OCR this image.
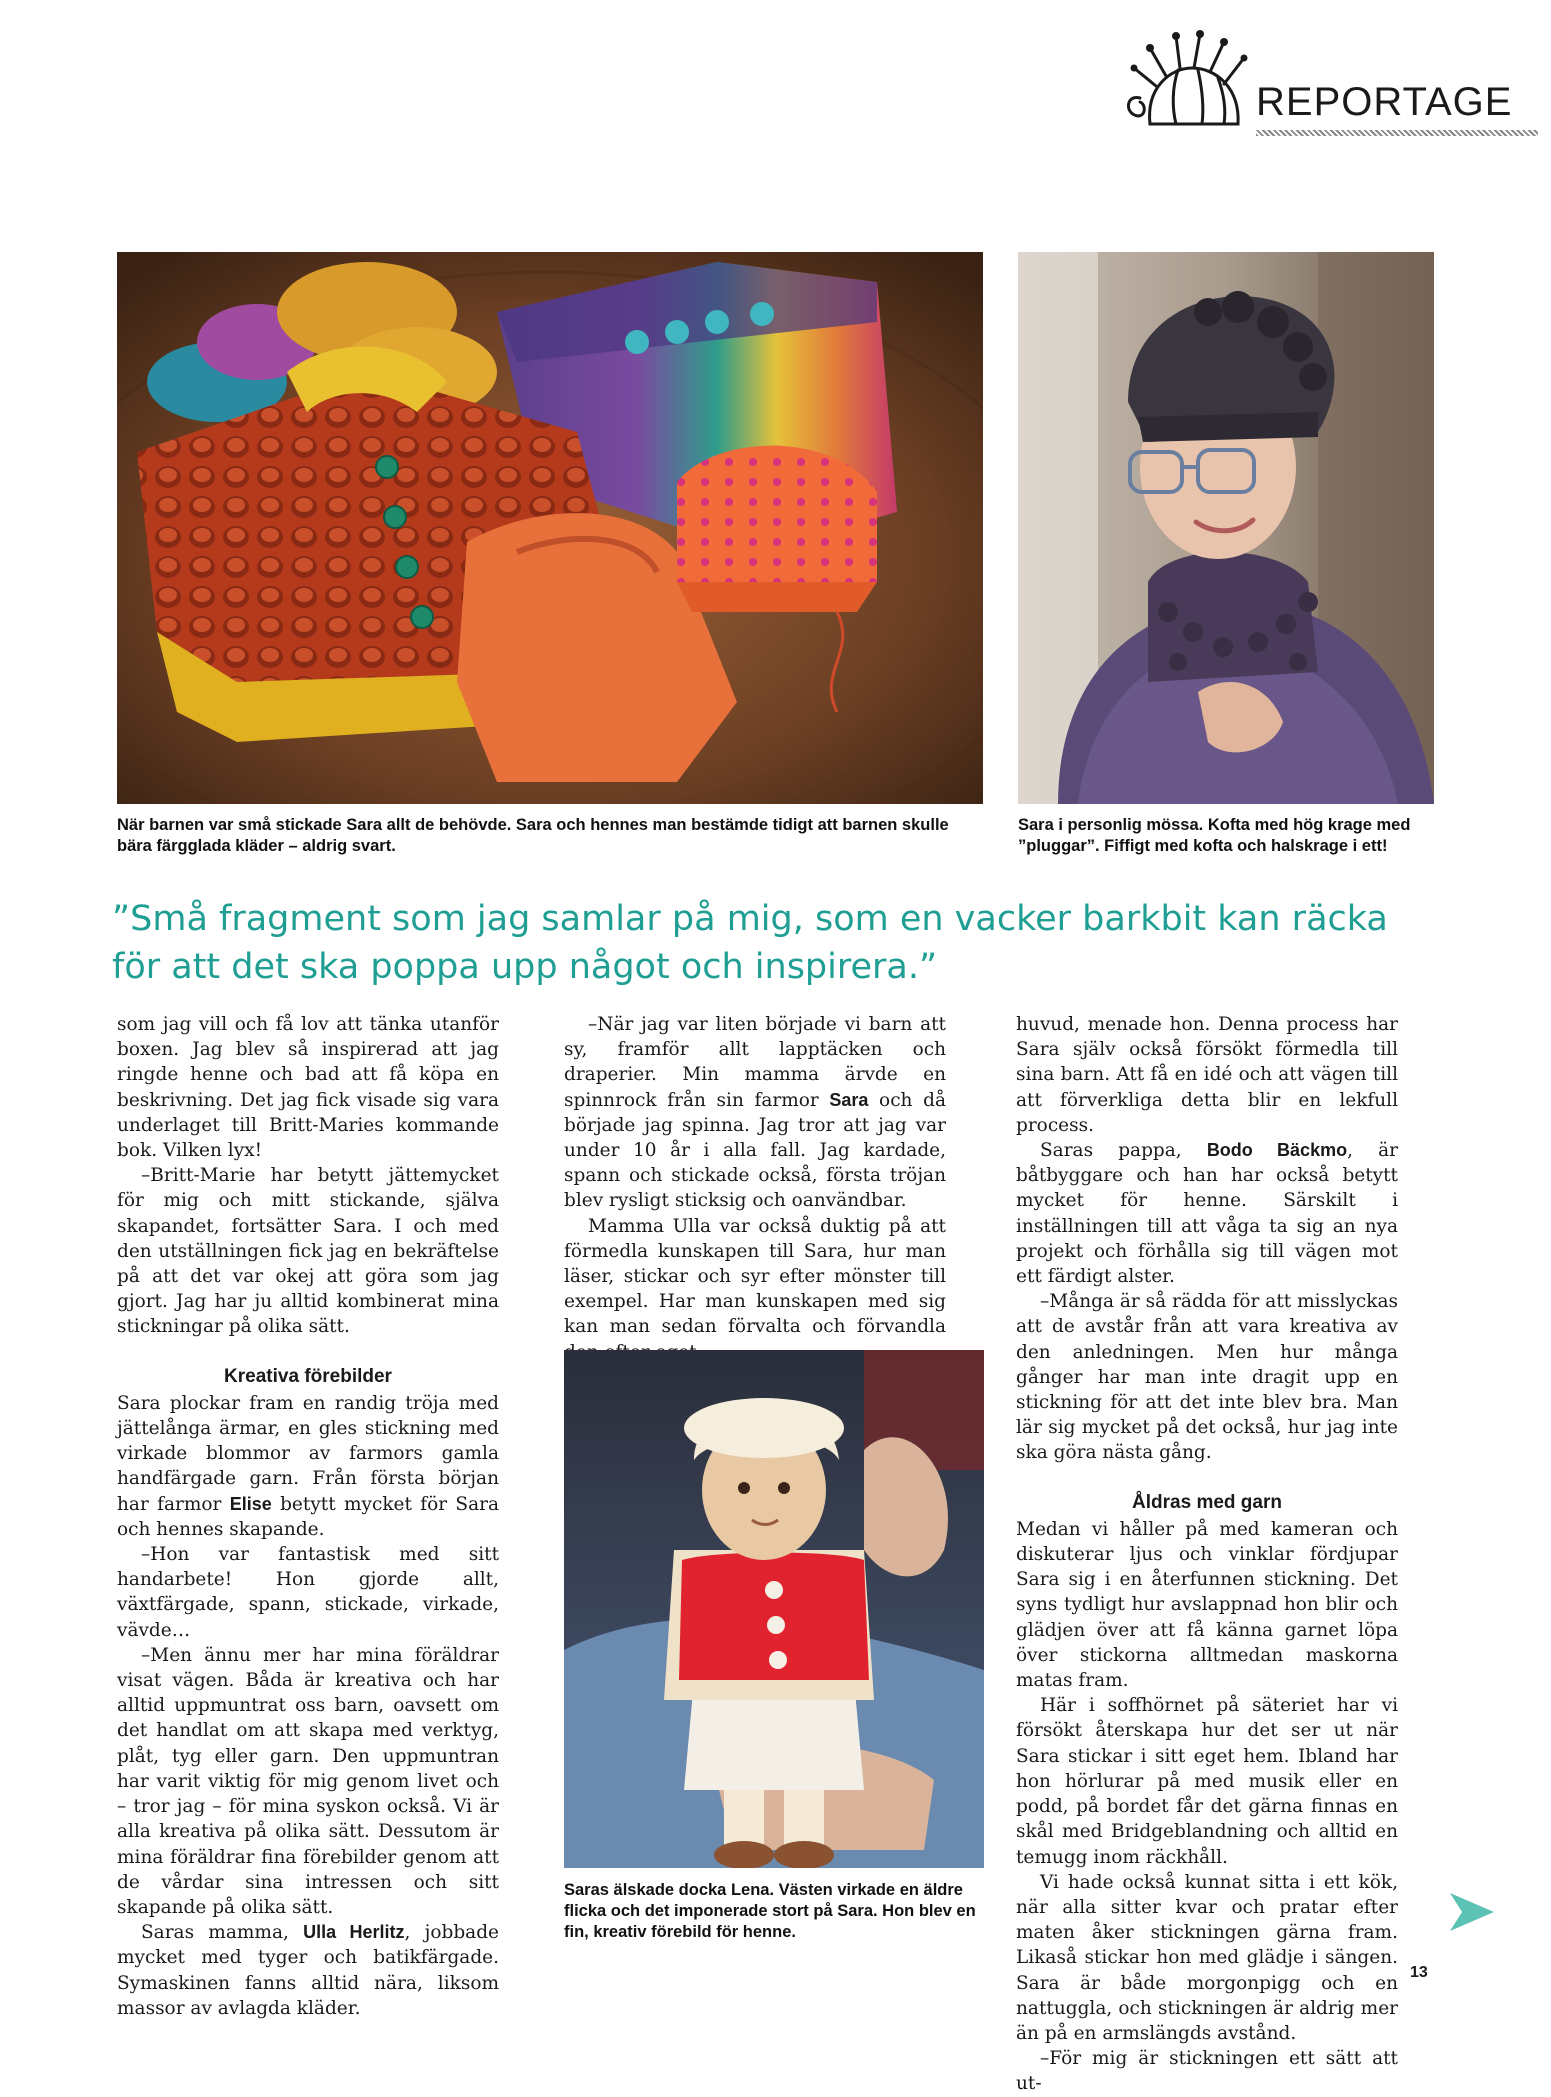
REPORTAGE
När barnen var små stickade Sara allt de behövde. Sara och hennes man bestämde tidigt att barnen skulle bära färgglada kläder – aldrig svart.
Sara i personlig mössa. Kofta med hög krage med ”pluggar”. Fiffigt med kofta och halskrage i ett!
”Små fragment som jag samlar på mig, som en vacker barkbit kan räcka för att det ska poppa upp något och inspirera.”

som jag vill och få lov att tänka utanför boxen. Jag blev så inspirerad att jag ringde henne och bad att få köpa en beskrivning. Det jag fick visade sig vara underlaget till Britt-Maries kommande bok. Vilken lyx!

–Britt-Marie har betytt jättemycket för mig och mitt stickande, själva skapandet, fortsätter Sara. I och med den utställningen fick jag en bekräftelse på att det var okej att göra som jag gjort. Jag har ju alltid kombinerat mina stickningar på olika sätt.

Kreativa förebilder

Sara plockar fram en randig tröja med jättelånga ärmar, en gles stickning med virkade blommor av farmors gamla handfärgade garn. Från första början har farmor Elise betytt mycket för Sara och hennes skapande.

–Hon var fantastisk med sitt handarbete! Hon gjorde allt, växtfärgade, spann, stickade, virkade, vävde…

–Men ännu mer har mina föräldrar visat vägen. Båda är kreativa och har alltid uppmuntrat oss barn, oavsett om det handlat om att skapa med verktyg, plåt, tyg eller garn. Den uppmuntran har varit viktig för mig genom livet och – tror jag – för mina syskon också. Vi är alla kreativa på olika sätt. Dessutom är mina föräldrar fina förebilder genom att de vårdar sina intressen och sitt skapande på olika sätt.

Saras mamma, Ulla Herlitz, jobbade mycket med tyger och batikfärgade. Symaskinen fanns alltid nära, liksom massor av avlagda kläder.

–När jag var liten började vi barn att sy, framför allt lapptäcken och draperier. Min mamma ärvde en spinnrock från sin farmor Sara och då började jag spinna. Jag tror att jag var under 10 år i alla fall. Jag kardade, spann och stickade också, första tröjan blev rysligt sticksig och oanvändbar.

Mamma Ulla var också duktig på att förmedla kunskapen till Sara, hur man läser, stickar och syr efter mönster till exempel. Har man kunskapen med sig kan man sedan förvalta och förvandla

Saras älskade docka Lena. Västen virkade en äldre flicka och det imponerade stort på Sara. Hon blev en fin, kreativ förebild för henne.

huvud, menade hon. Denna process har Sara själv också försökt förmedla till sina barn. Att få en idé och att vägen till att förverkliga detta blir en lekfull process.

Saras pappa, Bodo Bäckmo, är båtbyggare och han har också betytt mycket för henne. Särskilt i inställningen till att våga ta sig an nya projekt och förhålla sig till vägen mot ett färdigt alster.

–Många är så rädda för att misslyckas att de avstår från att vara kreativa av den anledningen. Men hur många gånger har man inte dragit upp en stickning för att det inte blev bra. Man lär sig mycket på det också, hur jag inte ska göra nästa gång.

Åldras med garn

Medan vi håller på med kameran och diskuterar ljus och vinklar fördjupar Sara sig i en återfunnen stickning. Det syns tydligt hur avslappnad hon blir och glädjen över att få känna garnet löpa över stickorna alltmedan maskorna matas fram.

Här i soffhörnet på säteriet har vi försökt återskapa hur det ser ut när Sara stickar i sitt eget hem. Ibland har hon hörlurar på med musik eller en podd, på bordet får det gärna finnas en skål med Bridgeblandning och alltid en temugg inom räckhåll.

Vi hade också kunnat sitta i ett kök, när alla sitter kvar och pratar efter maten åker stickningen gärna fram. Likaså stickar hon med glädje i sängen. Sara är både morgonpigg och en nattuggla, och stickningen är aldrig mer än på en armslängds avstånd.

–För mig är stickningen ett sätt att ut-

13
